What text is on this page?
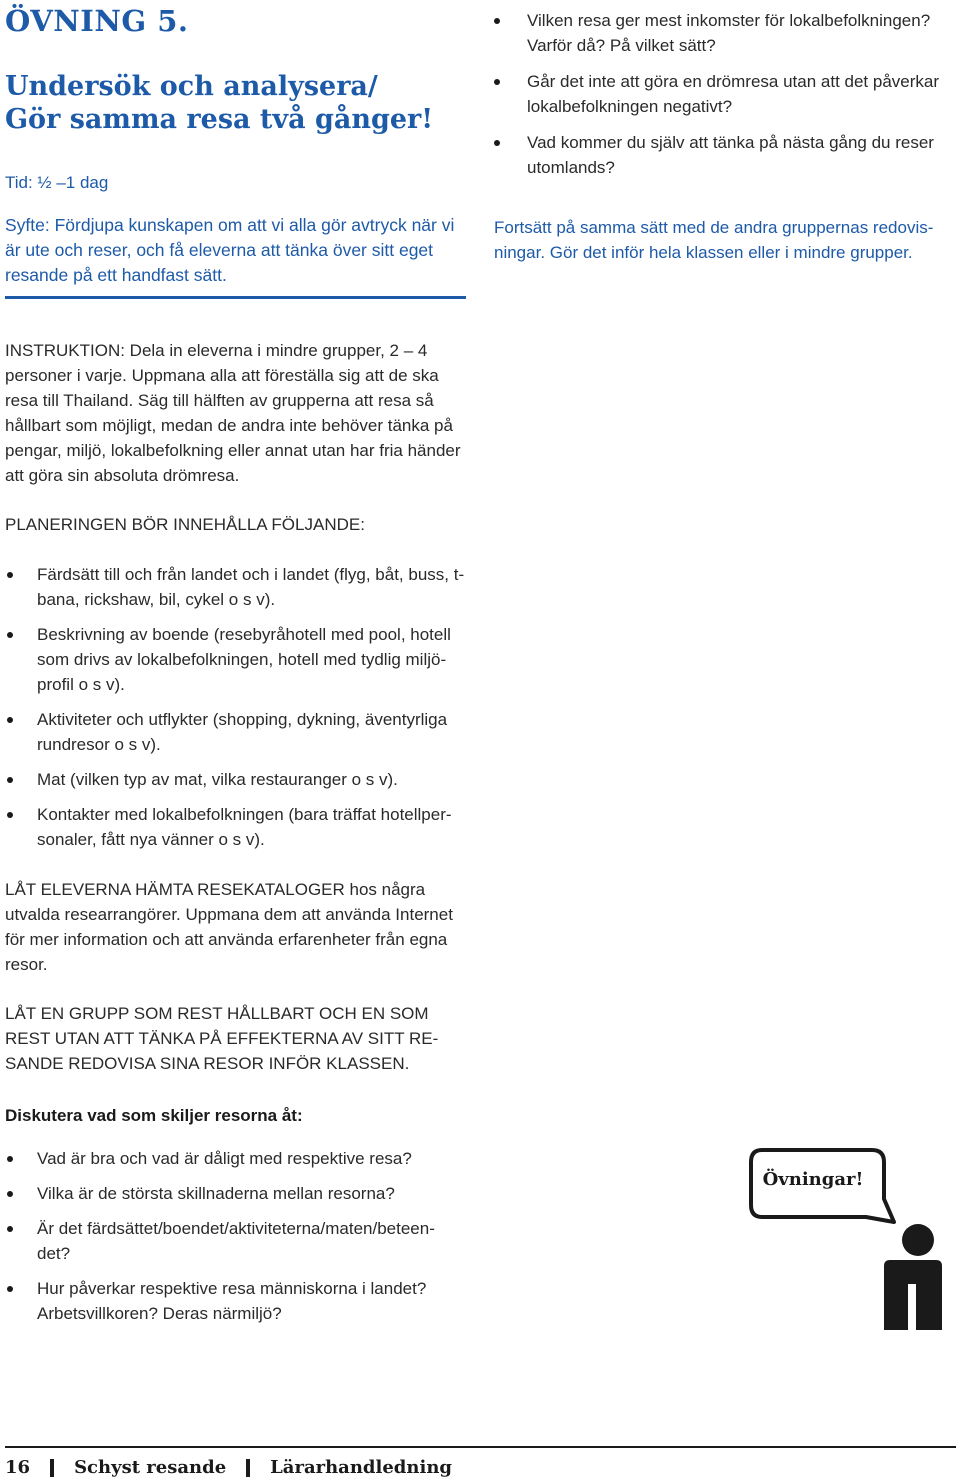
ÖVNING 5.
Undersök och analysera/
Gör samma resa två gånger!
Tid: ½ –1 dag
Syfte: Fördjupa kunskapen om att vi alla gör avtryck när vi är ute och reser, och få eleverna att tänka över sitt eget resande på ett handfast sätt.
INSTRUKTION: Dela in eleverna i mindre grupper, 2 – 4 personer i varje. Uppmana alla att föreställa sig att de ska resa till Thailand. Säg till hälften av grupperna att resa så hållbart som möjligt, medan de andra inte behöver tänka på pengar, miljö, lokalbefolkning eller annat utan har fria händer att göra sin absoluta drömresa.
PLANERINGEN BÖR INNEHÅLLA FÖLJANDE:
Färdsätt till och från landet och i landet (flyg, båt, buss, t-bana, rickshaw, bil, cykel o s v).
Beskrivning av boende (resebyråhotell med pool, hotell som drivs av lokalbefolkningen, hotell med tydlig miljö-profil o s v).
Aktiviteter och utflykter (shopping, dykning, äventyrliga rundresor o s v).
Mat (vilken typ av mat, vilka restauranger o s v).
Kontakter med lokalbefolkningen (bara träffat hotellper-sonaler, fått nya vänner o s v).
LÅT ELEVERNA HÄMTA RESEKATALOGER hos några utvalda researrangörer. Uppmana dem att använda Internet för mer information och att använda erfarenheter från egna resor.
LÅT EN GRUPP SOM REST HÅLLBART OCH EN SOM REST UTAN ATT TÄNKA PÅ EFFEKTERNA AV SITT RE-SANDE REDOVISA SINA RESOR INFÖR KLASSEN.
Diskutera vad som skiljer resorna åt:
Vad är bra och vad är dåligt med respektive resa?
Vilka är de största skillnaderna mellan resorna?
Är det färdsättet/boendet/aktiviteterna/maten/beteen-det?
Hur påverkar respektive resa människorna i landet? Arbetsvillkoren? Deras närmiljö?
Vilken resa ger mest inkomster för lokalbefolkningen? Varför då? På vilket sätt?
Går det inte att göra en drömresa utan att det påverkar lokalbefolkningen negativt?
Vad kommer du själv att tänka på nästa gång du reser utomlands?
Fortsätt på samma sätt med de andra gruppernas redovis-ningar. Gör det inför hela klassen eller i mindre grupper.
Övningar!
16 Schyst resande Lärarhandledning
